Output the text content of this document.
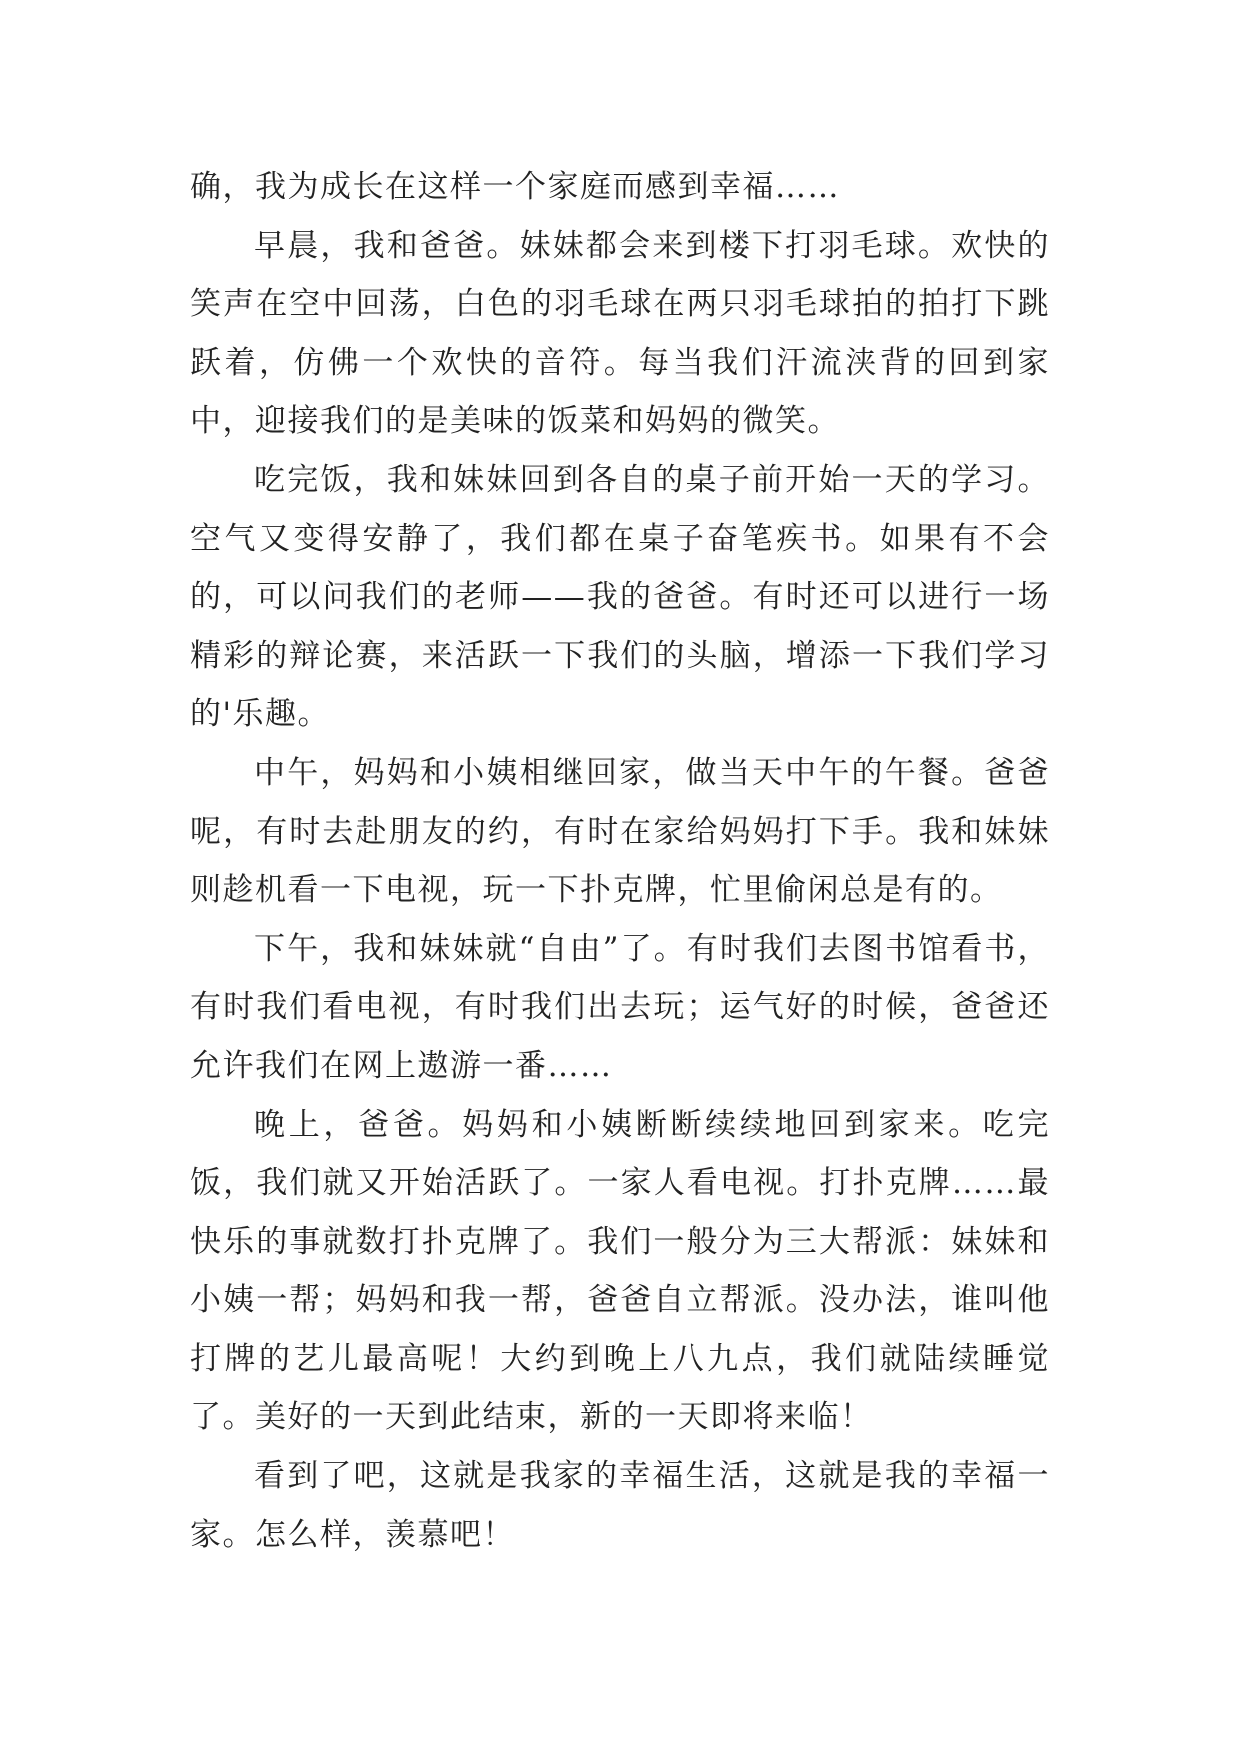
确，我为成长在这样一个家庭而感到幸福……

早晨，我和爸爸。妹妹都会来到楼下打羽毛球。欢快的笑声在空中回荡，白色的羽毛球在两只羽毛球拍的拍打下跳跃着，仿佛一个欢快的音符。每当我们汗流浃背的回到家中，迎接我们的是美味的饭菜和妈妈的微笑。

吃完饭，我和妹妹回到各自的桌子前开始一天的学习。空气又变得安静了，我们都在桌子奋笔疾书。如果有不会的，可以问我们的老师——我的爸爸。有时还可以进行一场精彩的辩论赛，来活跃一下我们的头脑，增添一下我们学习的'乐趣。

中午，妈妈和小姨相继回家，做当天中午的午餐。爸爸呢，有时去赴朋友的约，有时在家给妈妈打下手。我和妹妹则趁机看一下电视，玩一下扑克牌，忙里偷闲总是有的。

下午，我和妹妹就“自由”了。有时我们去图书馆看书，有时我们看电视，有时我们出去玩；运气好的时候，爸爸还允许我们在网上遨游一番……

晚上，爸爸。妈妈和小姨断断续续地回到家来。吃完饭，我们就又开始活跃了。一家人看电视。打扑克牌……最快乐的事就数打扑克牌了。我们一般分为三大帮派：妹妹和小姨一帮；妈妈和我一帮，爸爸自立帮派。没办法，谁叫他打牌的艺儿最高呢！大约到晚上八九点，我们就陆续睡觉了。美好的一天到此结束，新的一天即将来临！

看到了吧，这就是我家的幸福生活，这就是我的幸福一家。怎么样，羡慕吧！
